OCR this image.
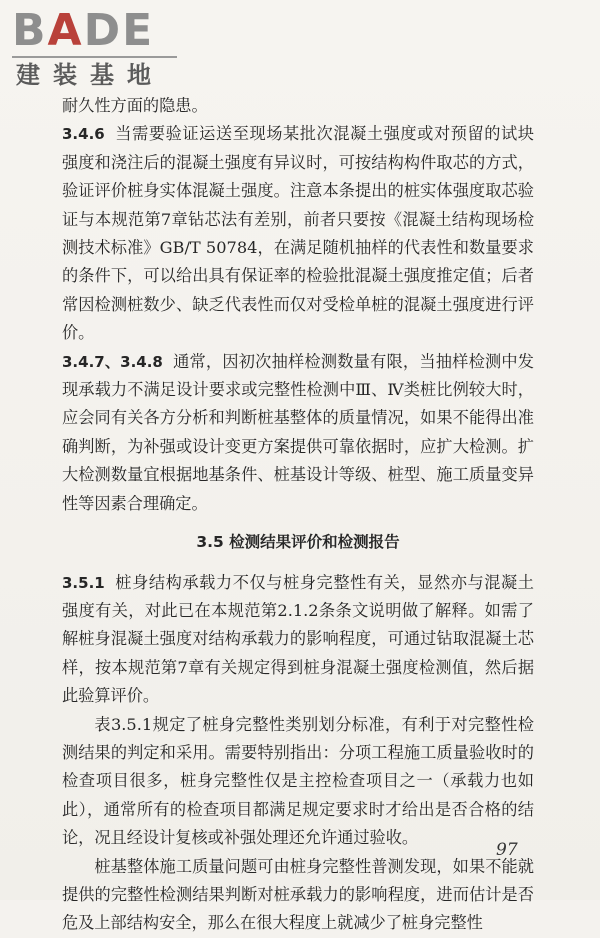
BADE
建装基地

耐久性方面的隐患。

3.4.6 当需要验证运送至现场某批次混凝土强度或对预留的试块强度和浇注后的混凝土强度有异议时，可按结构构件取芯的方式，验证评价桩身实体混凝土强度。注意本条提出的桩实体强度取芯验证与本规范第7章钻芯法有差别，前者只要按《混凝土结构现场检测技术标准》GB/T 50784，在满足随机抽样的代表性和数量要求的条件下，可以给出具有保证率的检验批混凝土强度推定值；后者常因检测桩数少、缺乏代表性而仅对受检单桩的混凝土强度进行评价。

3.4.7、3.4.8 通常，因初次抽样检测数量有限，当抽样检测中发现承载力不满足设计要求或完整性检测中Ⅲ、Ⅳ类桩比例较大时，应会同有关各方分析和判断桩基整体的质量情况，如果不能得出准确判断，为补强或设计变更方案提供可靠依据时，应扩大检测。扩大检测数量宜根据地基条件、桩基设计等级、桩型、施工质量变异性等因素合理确定。

3.5 检测结果评价和检测报告

3.5.1 桩身结构承载力不仅与桩身完整性有关，显然亦与混凝土强度有关，对此已在本规范第2.1.2条条文说明做了解释。如需了解桩身混凝土强度对结构承载力的影响程度，可通过钻取混凝土芯样，按本规范第7章有关规定得到桩身混凝土强度检测值，然后据此验算评价。

表3.5.1规定了桩身完整性类别划分标准，有利于对完整性检测结果的判定和采用。需要特别指出：分项工程施工质量验收时的检查项目很多，桩身完整性仅是主控检查项目之一（承载力也如此），通常所有的检查项目都满足规定要求时才给出是否合格的结论，况且经设计复核或补强处理还允许通过验收。

桩基整体施工质量问题可由桩身完整性普测发现，如果不能就提供的完整性检测结果判断对桩承载力的影响程度，进而估计是否危及上部结构安全，那么在很大程度上就减少了桩身完整性

97
